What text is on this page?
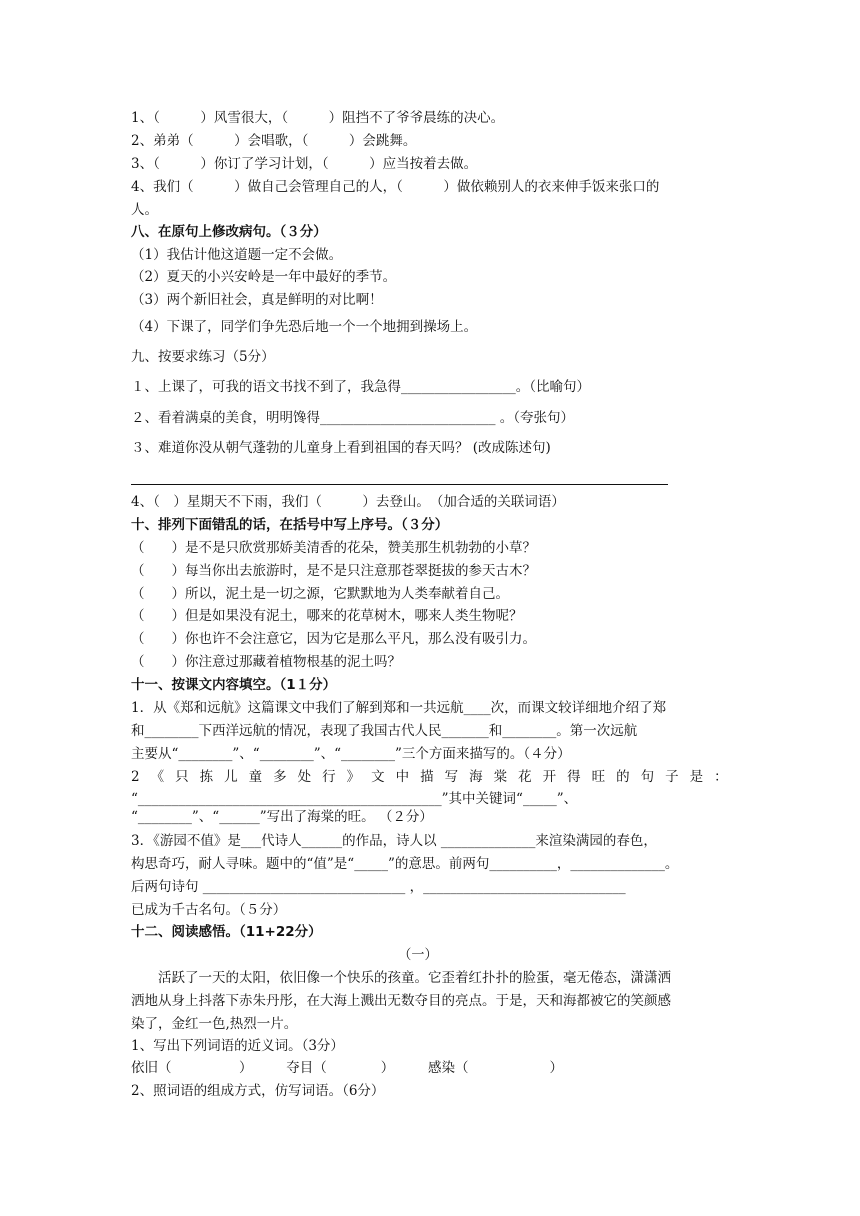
1、（　　　）风雪很大，（　　　）阻挡不了爷爷晨练的决心。
2、弟弟（　　　）会唱歌，（　　　）会跳舞。
3、（　　　）你订了学习计划，（　　　）应当按着去做。
4、我们（　　　）做自己会管理自己的人，（　　　）做依赖别人的衣来伸手饭来张口的
人。
八、在原句上修改病句。（３分）
（1）我估计他这道题一定不会做。
（2）夏天的小兴安岭是一年中最好的季节。
（3）两个新旧社会，真是鲜明的对比啊！
（4）下课了，同学们争先恐后地一个一个地拥到操场上。
九、按要求练习（5分）
１、上课了，可我的语文书找不到了，我急得_________________。（比喻句）
２、看着满桌的美食，明明馋得__________________________ 。（夸张句）
３、难道你没从朝气蓬勃的儿童身上看到祖国的春天吗？ (改成陈述句)
4、（　）星期天不下雨，我们（　　　）去登山。　（加合适的关联词语）
十、排列下面错乱的话，在括号中写上序号。（３分）
（　　）是不是只欣赏那娇美清香的花朵，赞美那生机勃勃的小草？
（　　）每当你出去旅游时，是不是只注意那苍翠挺拔的参天古木？
（　　）所以，泥土是一切之源，它默默地为人类奉献着自己。
（　　）但是如果没有泥土，哪来的花草树木，哪来人类生物呢？
（　　）你也许不会注意它，因为它是那么平凡，那么没有吸引力。
（　　）你注意过那藏着植物根基的泥土吗？
十一、按课文内容填空。（1１分）
1．从《郑和远航》这篇课文中我们了解到郑和一共远航____次，而课文较详细地介绍了郑
和________下西洋远航的情况，表现了我国古代人民_______和________。第一次远航
主要从“________”、“________”、“________”三个方面来描写的。（４分）
2《只拣儿童多处行》文中描写海棠花开得旺的句子是：
“_____________________________________________”其中关键词“_____”、
“________”、“______”写出了海棠的旺。 （２分）
3．《游园不值》是___代诗人______的作品，诗人以 ______________来渲染满园的春色，
构思奇巧，耐人寻味。题中的“值”是“_____”的意思。前两句__________，______________。
后两句诗句 ______________________________ ，______________________________
已成为千古名句。（５分）
十二、阅读感悟。（11+22分）
（一）
　　活跃了一天的太阳，依旧像一个快乐的孩童。它歪着红扑扑的脸蛋，毫无倦态，潇潇洒
洒地从身上抖落下赤朱丹彤，在大海上溅出无数夺目的亮点。于是，天和海都被它的笑颜感
染了，金红一色,热烈一片。
1、写出下列词语的近义词。（3分）
依旧（　　　　　）　　　夺目（　　　　）　　　感染（　　　　　　）
2、照词语的组成方式，仿写词语。（6分）
